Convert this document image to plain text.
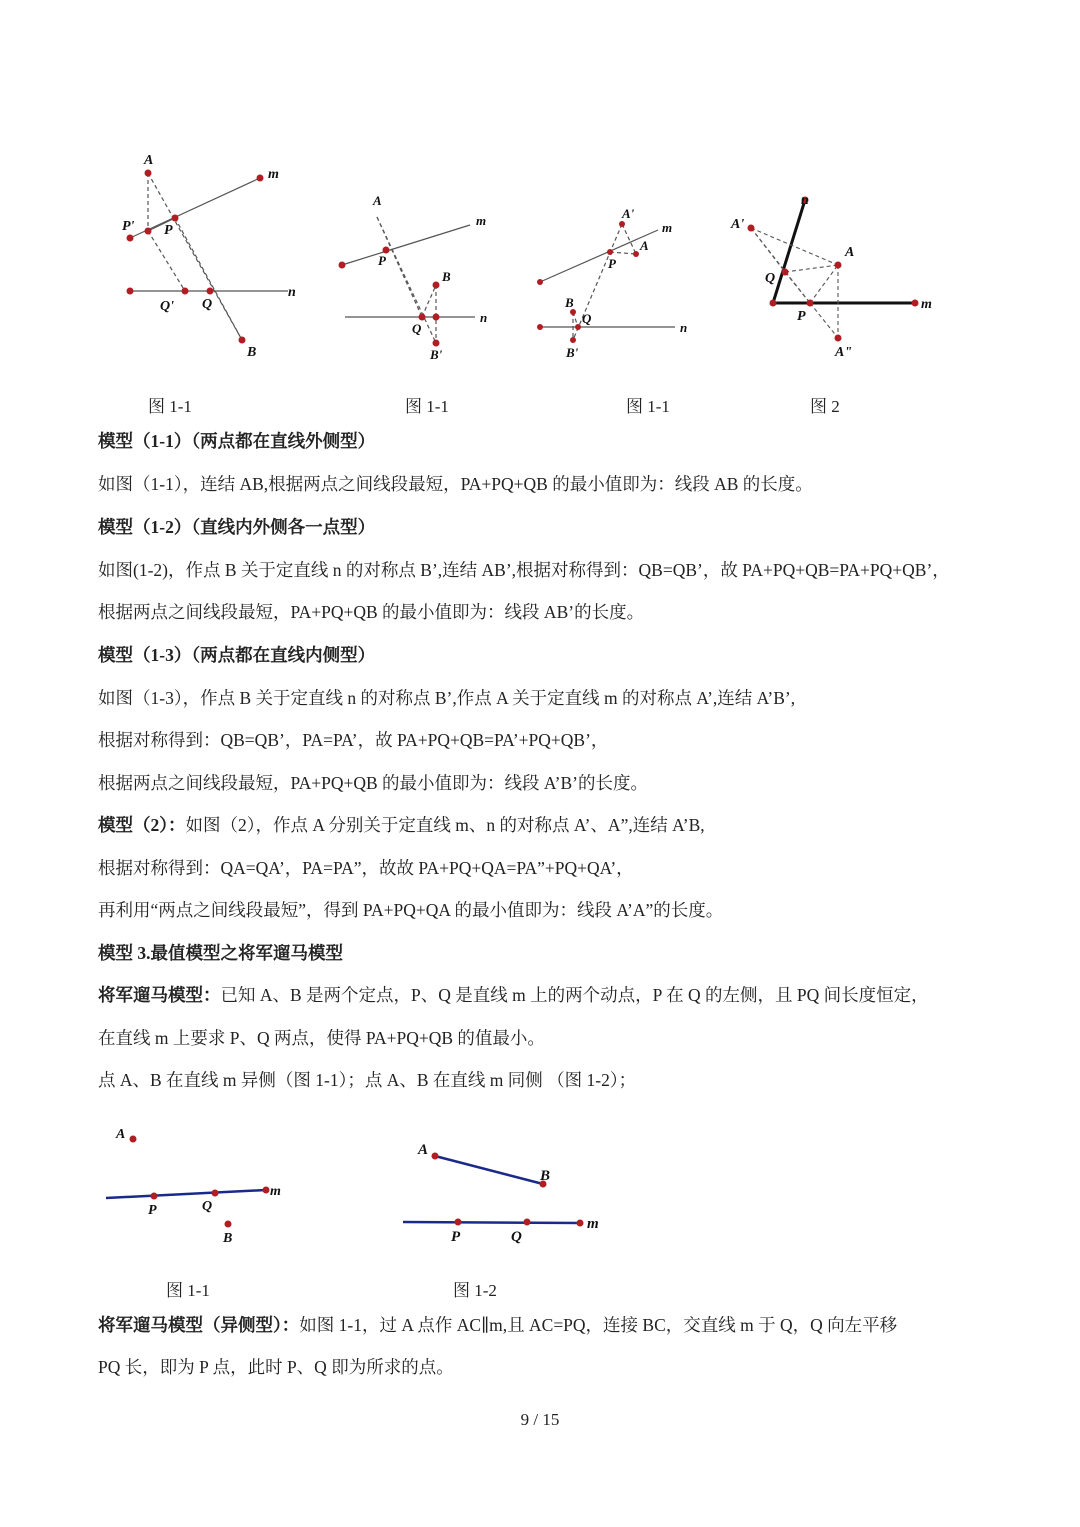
A
m
P' P
Q' Q
n
B
图 1-1
A
m
P
B
Q
n
B'
图 1-1
A'
m
A
P
B
Q
n
B'
图 1-1
n
A'
A
Q
P
m
A"
图 2
模型（1-1）（两点都在直线外侧型）
如图（1-1），连结 AB,根据两点之间线段最短，PA+PQ+QB 的最小值即为：线段 AB 的长度。
模型（1-2）（直线内外侧各一点型）
如图(1-2)，作点 B 关于定直线 n 的对称点 B’,连结 AB’,根据对称得到：QB=QB’，故 PA+PQ+QB=PA+PQ+QB’，
根据两点之间线段最短，PA+PQ+QB 的最小值即为：线段 AB’的长度。
模型（1-3）（两点都在直线内侧型）
如图（1-3），作点 B 关于定直线 n 的对称点 B’,作点 A 关于定直线 m 的对称点 A’,连结 A’B’,
根据对称得到：QB=QB’，PA=PA’，故 PA+PQ+QB=PA’+PQ+QB’，
根据两点之间线段最短，PA+PQ+QB 的最小值即为：线段 A’B’的长度。
模型（2）：如图（2），作点 A 分别关于定直线 m、n 的对称点 A’、A”,连结 A’B,
根据对称得到：QA=QA’，PA=PA”，故故 PA+PQ+QA=PA”+PQ+QA’，
再利用“两点之间线段最短”，得到 PA+PQ+QA 的最小值即为：线段 A’A”的长度。
模型 3.最值模型之将军遛马模型
将军遛马模型：已知 A、B 是两个定点，P、Q 是直线 m 上的两个动点，P 在 Q 的左侧，且 PQ 间长度恒定，
在直线 m 上要求 P、Q 两点，使得 PA+PQ+QB 的值最小。
点 A、B 在直线 m 异侧（图 1-1）；点 A、B 在直线 m 同侧 （图 1-2）；
A
m
P	Q
B
图 1-1
A
B
m
P	Q
图 1-2
将军遛马模型（异侧型）：如图 1-1，过 A 点作 AC∥m,且 AC=PQ，连接 BC，交直线 m 于 Q，Q 向左平移
PQ 长，即为 P 点，此时 P、Q 即为所求的点。
9 / 15
